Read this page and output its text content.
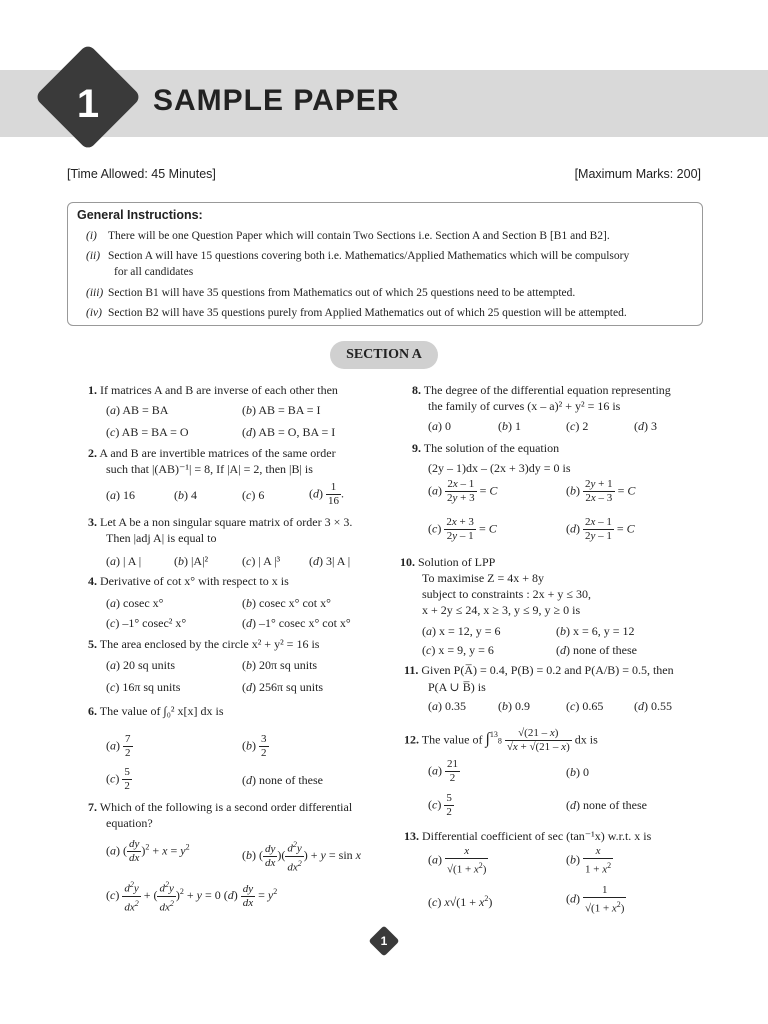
1	SAMPLE PAPER
[Time Allowed: 45 Minutes]	[Maximum Marks: 200]
General Instructions:
(i) There will be one Question Paper which will contain Two Sections i.e. Section A and Section B [B1 and B2].
(ii) Section A will have 15 questions covering both i.e. Mathematics/Applied Mathematics which will be compulsory
for all candidates
(iii) Section B1 will have 35 questions from Mathematics out of which 25 questions need to be attempted.
(iv) Section B2 will have 35 questions purely from Applied Mathematics out of which 25 question will be attempted.
SECTION A
1. If matrices A and B are inverse of each other then
(a) AB = BA	(b) AB = BA = I
(c) AB = BA = O	(d) AB = O, BA = I
2. A and B are invertible matrices of the same order
such that |(AB)⁻¹| = 8, If |A| = 2, then |B| is
(a) 16	(b) 4	(c) 6	$(d) \frac{1}{16}$ .
3. Let A be a non singular square matrix of order 3 × 3.
Then |adj A| is equal to
(a) | A |	(b) |A|²	(c) | A |³ (d) 3| A |
4. Derivative of cot x° with respect to x is
(a) cosec x°	(b) cosec x° cot x°
(c) –1° cosec² x°	(d) –1° cosec x° cot x°
5. The area enclosed by the circle x² + y² = 16 is
(a) 20 sq units	(b) 20π sq units
(c) 16π sq units	(d) 256π sq units
6. The value of ∫₀² x[x] dx is
$(a) \frac{7}{2}$	$(b) \frac{3}{2}$
$(c) \frac{5}{2}$	(d) none of these
7. Which of the following is a second order differential
equation?
(a) ( $\frac{dy}{dx} )^2 + x = y^2$
(b) ( $\frac{dy}{dx}$ )( $\frac{d^2y}{dx^2}$ ) + y = sin x
$(c) \frac{d^2y}{dx^2}$ + ( $\frac{d^2y}{dx^2} )^2 + y = 0$ $(d) \frac{dy}{dx} = y^2$
8. The degree of the differential equation representing
the family of curves (x – a)² + y² = 16 is
(a) 0	(b) 1	(c) 2	(d) 3
9. The solution of the equation
(2y – 1)dx – (2x + 3)dy = 0 is
$(a) \frac{2x - 1}{2y + 3} = C$	$(b) \frac{2y + 1}{2x - 3} = C$
$(c) \frac{2x + 3}{2y - 1} = C$	$(d) \frac{2x - 1}{2y - 1} = C$
10. Solution of LPP
To maximise Z = 4x + 8y
subject to constraints : 2x + y ≤ 30,
x + 2y ≤ 24, x ≥ 3, y ≤ 9, y ≥ 0 is
(a) x = 12, y = 6	(b) x = 6, y = 12
(c) x = 9, y = 6	(d) none of these
11. Given P(A̅) = 0.4, P(B) = 0.2 and P(A/B) = 0.5, then
P(A ∪ B̅) is
(a) 0.35	(b) 0.9	(c) 0.65	(d) 0.55
12. The value of $\int^{13}8 \frac{√(21 - x)}{√x + √(21 - x)}$ dx is
$(a) \frac{21}{2}$	(b) 0
$(c) \frac{5}{2}$	(d) none of these
13. Differential coefficient of sec (tan⁻¹x) w.r.t. x is
$(a) \frac{x}{√(1 + x^2)}$	$(b) \frac{x}{1 + x^2}$
(c) $x√(1 + x^2)$	$(d) \frac{1}{√(1 + x^2)}$
1
